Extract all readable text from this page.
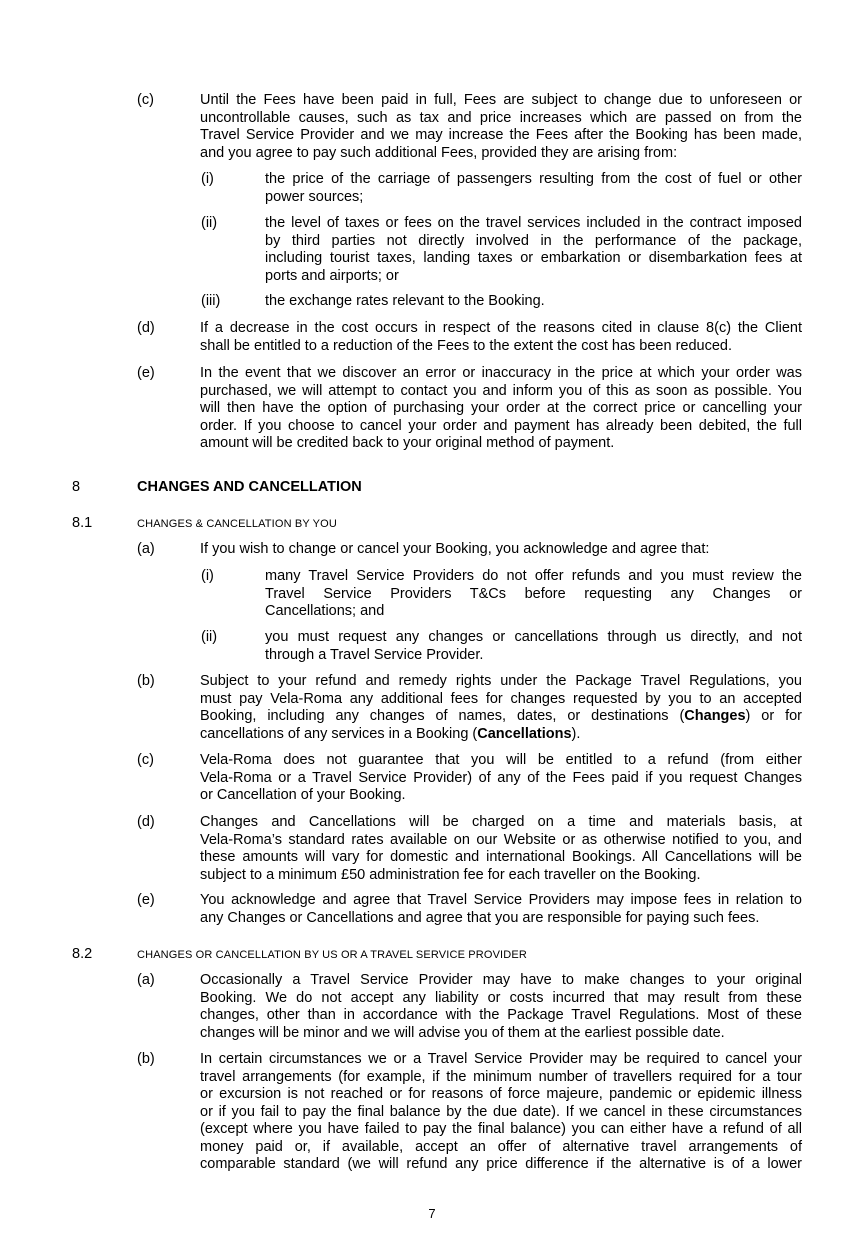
(c)	Until the Fees have been paid in full, Fees are subject to change due to unforeseen or
uncontrollable causes, such as tax and price increases which are passed on from the
Travel Service Provider and we may increase the Fees after the Booking has been made,
and you agree to pay such additional Fees, provided they are arising from:
(i)	the price of the carriage of passengers resulting from the cost of fuel or other
power sources;
(ii)	the level of taxes or fees on the travel services included in the contract imposed
by third parties not directly involved in the performance of the package,
including tourist taxes, landing taxes or embarkation or disembarkation fees at
ports and airports; or
(iii)	the exchange rates relevant to the Booking.
(d)	If a decrease in the cost occurs in respect of the reasons cited in clause 8(c) the Client
shall be entitled to a reduction of the Fees to the extent the cost has been reduced.
(e)	In the event that we discover an error or inaccuracy in the price at which your order was
purchased, we will attempt to contact you and inform you of this as soon as possible. You
will then have the option of purchasing your order at the correct price or cancelling your
order. If you choose to cancel your order and payment has already been debited, the full
amount will be credited back to your original method of payment.
8	CHANGES AND CANCELLATION
8.1	CHANGES & CANCELLATION BY YOU
(a)	If you wish to change or cancel your Booking, you acknowledge and agree that:
(i)	many Travel Service Providers do not offer refunds and you must review the
Travel Service Providers T&Cs before requesting any Changes or
Cancellations; and
(ii)	you must request any changes or cancellations through us directly, and not
through a Travel Service Provider.
(b)	Subject to your refund and remedy rights under the Package Travel Regulations, you
must pay Vela-Roma any additional fees for changes requested by you to an accepted
Booking, including any changes of names, dates, or destinations (Changes) or for
cancellations of any services in a Booking (Cancellations).
(c)	Vela-Roma does not guarantee that you will be entitled to a refund (from either
Vela-Roma or a Travel Service Provider) of any of the Fees paid if you request Changes
or Cancellation of your Booking.
(d)	Changes and Cancellations will be charged on a time and materials basis, at
Vela-Roma’s standard rates available on our Website or as otherwise notified to you, and
these amounts will vary for domestic and international Bookings. All Cancellations will be
subject to a minimum £50 administration fee for each traveller on the Booking.
(e)	You acknowledge and agree that Travel Service Providers may impose fees in relation to
any Changes or Cancellations and agree that you are responsible for paying such fees.
8.2	CHANGES OR CANCELLATION BY US OR A TRAVEL SERVICE PROVIDER
(a)	Occasionally a Travel Service Provider may have to make changes to your original
Booking. We do not accept any liability or costs incurred that may result from these
changes, other than in accordance with the Package Travel Regulations. Most of these
changes will be minor and we will advise you of them at the earliest possible date.
(b)	In certain circumstances we or a Travel Service Provider may be required to cancel your
travel arrangements (for example, if the minimum number of travellers required for a tour
or excursion is not reached or for reasons of force majeure, pandemic or epidemic illness
or if you fail to pay the final balance by the due date). If we cancel in these circumstances
(except where you have failed to pay the final balance) you can either have a refund of all
money paid or, if available, accept an offer of alternative travel arrangements of
comparable standard (we will refund any price difference if the alternative is of a lower
7
